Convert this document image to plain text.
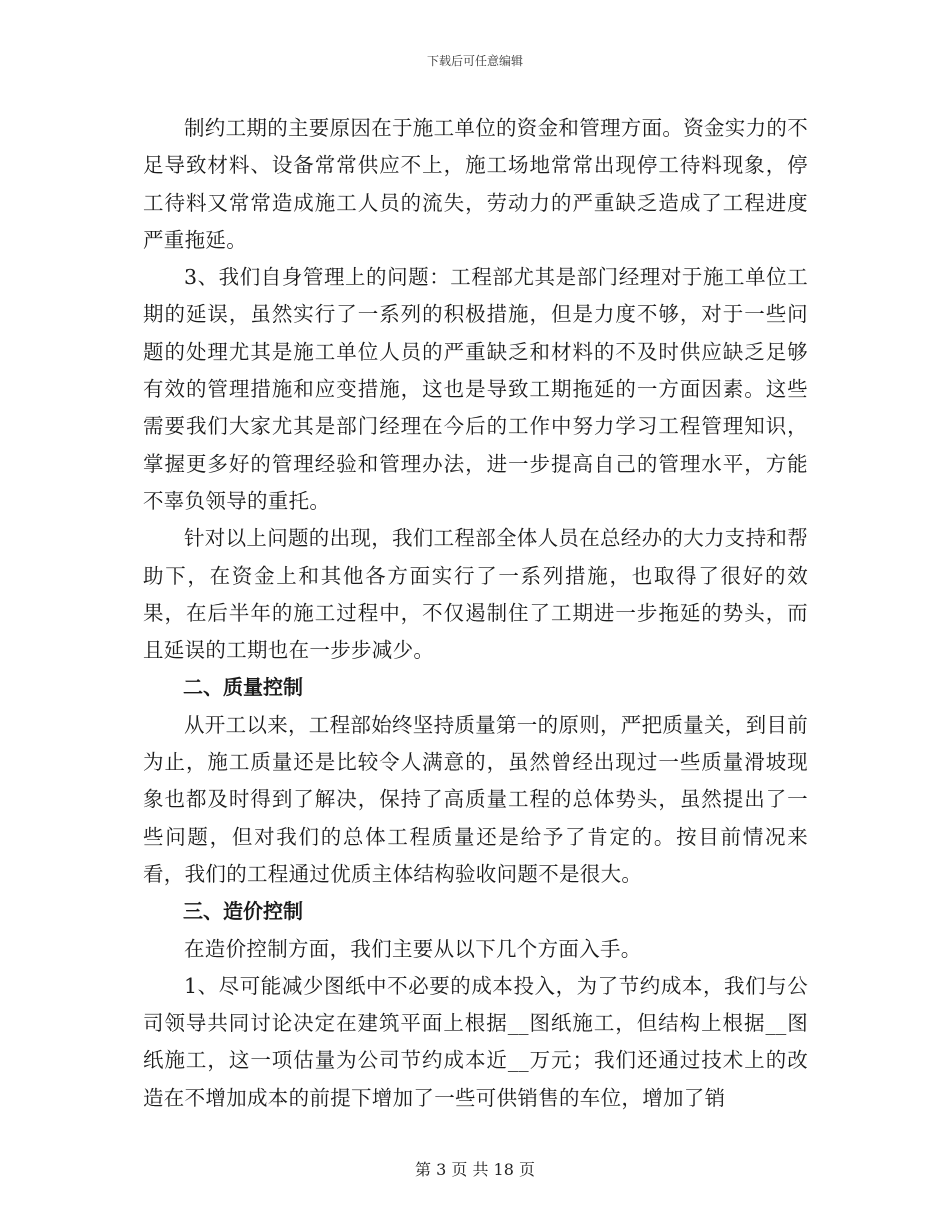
下载后可任意编辑

制约工期的主要原因在于施工单位的资金和管理方面。资金实力的不足导致材料、设备常常供应不上，施工场地常常出现停工待料现象，停工待料又常常造成施工人员的流失，劳动力的严重缺乏造成了工程进度严重拖延。

3、我们自身管理上的问题：工程部尤其是部门经理对于施工单位工期的延误，虽然实行了一系列的积极措施，但是力度不够，对于一些问题的处理尤其是施工单位人员的严重缺乏和材料的不及时供应缺乏足够有效的管理措施和应变措施，这也是导致工期拖延的一方面因素。这些需要我们大家尤其是部门经理在今后的工作中努力学习工程管理知识，掌握更多好的管理经验和管理办法，进一步提高自己的管理水平，方能不辜负领导的重托。

针对以上问题的出现，我们工程部全体人员在总经办的大力支持和帮助下，在资金上和其他各方面实行了一系列措施，也取得了很好的效果，在后半年的施工过程中，不仅遏制住了工期进一步拖延的势头，而且延误的工期也在一步步减少。

二、质量控制

从开工以来，工程部始终坚持质量第一的原则，严把质量关，到目前为止，施工质量还是比较令人满意的，虽然曾经出现过一些质量滑坡现象也都及时得到了解决，保持了高质量工程的总体势头，虽然提出了一些问题，但对我们的总体工程质量还是给予了肯定的。按目前情况来看，我们的工程通过优质主体结构验收问题不是很大。

三、造价控制

在造价控制方面，我们主要从以下几个方面入手。

1、尽可能减少图纸中不必要的成本投入，为了节约成本，我们与公司领导共同讨论决定在建筑平面上根据__图纸施工，但结构上根据__图纸施工，这一项估量为公司节约成本近__万元；我们还通过技术上的改造在不增加成本的前提下增加了一些可供销售的车位，增加了销

第 3 页 共 18 页
